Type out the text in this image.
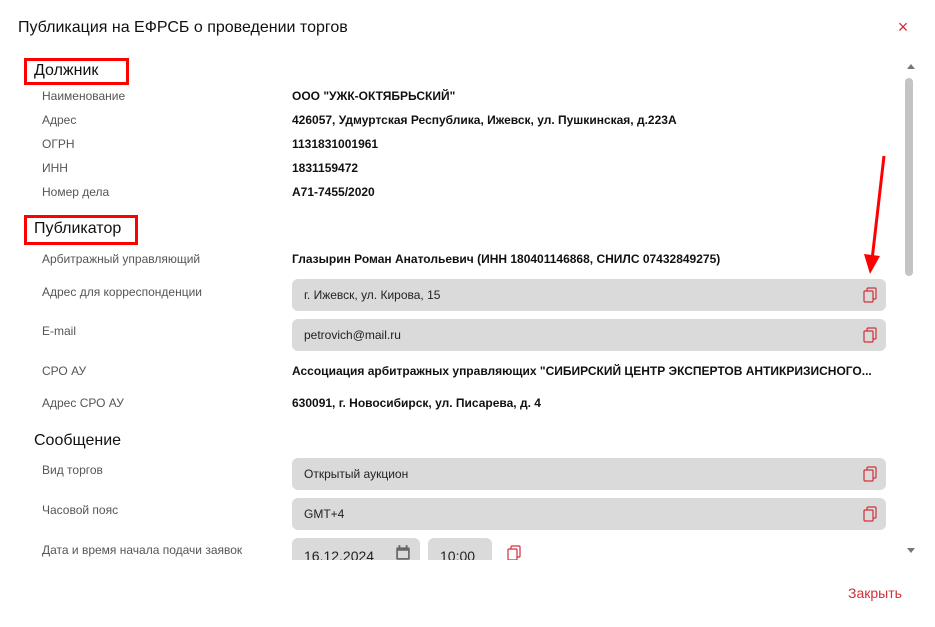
Публикация на ЕФРСБ о проведении торгов	×
Должник
Наименование	ООО "УЖК-ОКТЯБРЬСКИЙ"
Адрес	426057, Удмуртская Республика, Ижевск, ул. Пушкинская, д.223А
ОГРН	1131831001961
ИНН	1831159472
Номер дела	А71-7455/2020
Публикатор
Арбитражный управляющий	Глазырин Роман Анатольевич (ИНН 180401146868, СНИЛС 07432849275)
Адрес для корреспонденции	г. Ижевск, ул. Кирова, 15
E-mail	petrovich@mail.ru
СРО АУ	Ассоциация арбитражных управляющих "СИБИРСКИЙ ЦЕНТР ЭКСПЕРТОВ АНТИКРИЗИСНОГО...
Адрес СРО АУ	630091, г. Новосибирск, ул. Писарева, д. 4
Сообщение
Вид торгов	Открытый аукцион
Часовой пояс	GMT+4
Дата и время начала подачи заявок	16.12.2024	10:00
Закрыть
